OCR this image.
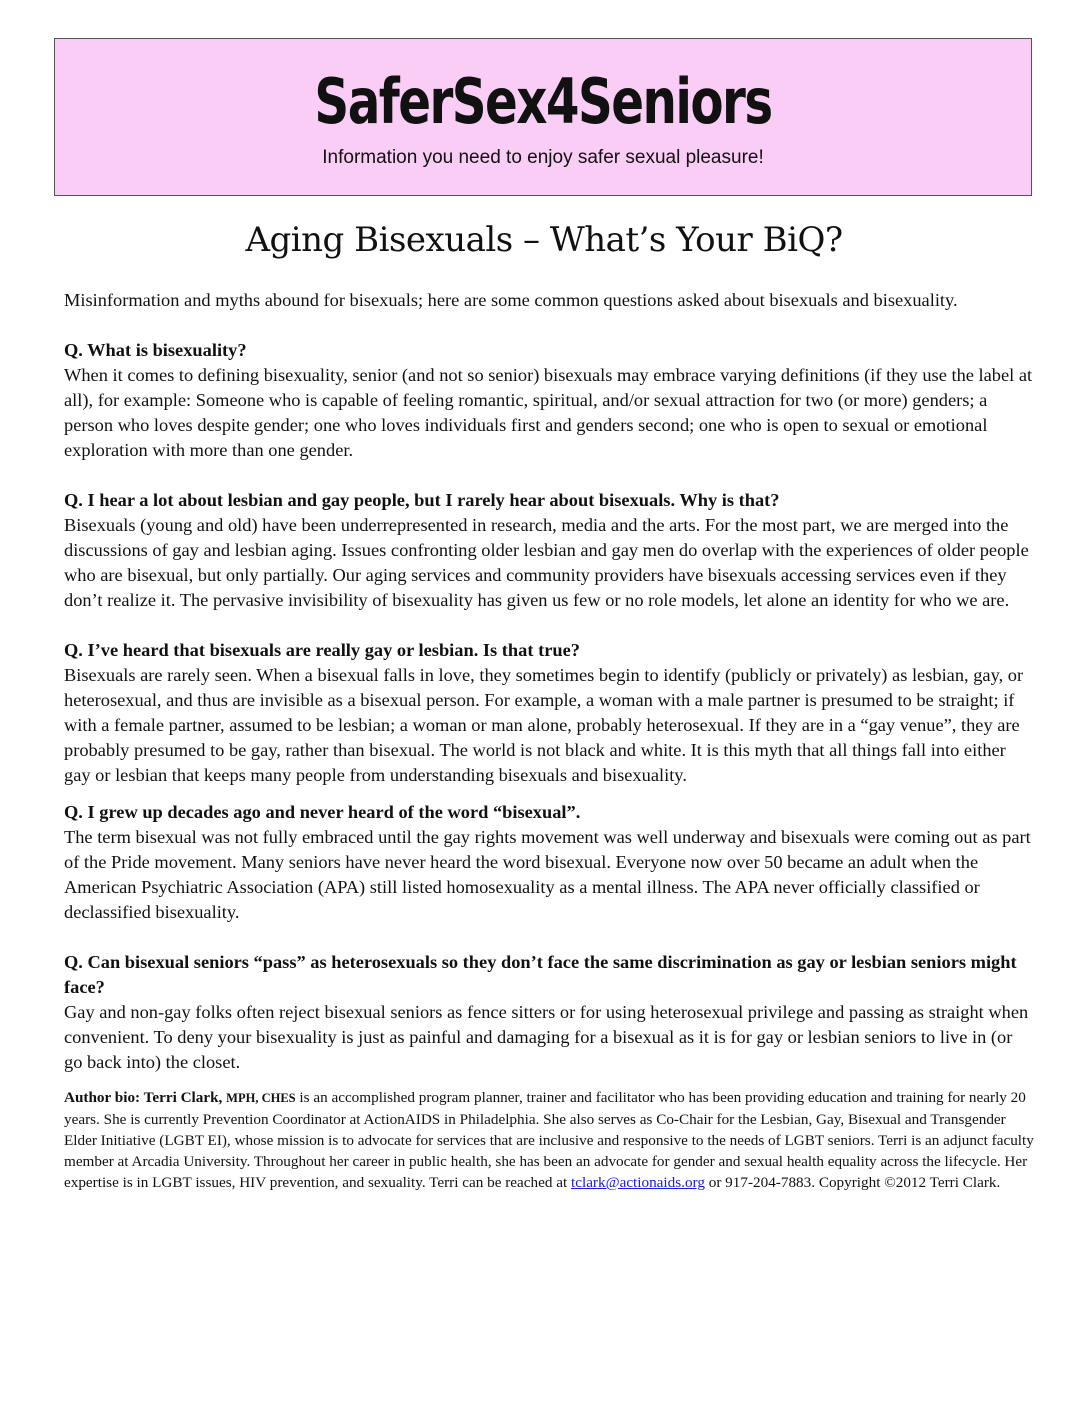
SaferSex4Seniors
Information you need to enjoy safer sexual pleasure!
Aging Bisexuals – What’s Your BiQ?

Misinformation and myths abound for bisexuals; here are some common questions asked about bisexuals and bisexuality.

Q. What is bisexuality?

When it comes to defining bisexuality, senior (and not so senior) bisexuals may embrace varying definitions (if they use the label at all), for example: Someone who is capable of feeling romantic, spiritual, and/or sexual attraction for two (or more) genders; a person who loves despite gender; one who loves individuals first and genders second; one who is open to sexual or emotional exploration with more than one gender.

Q. I hear a lot about lesbian and gay people, but I rarely hear about bisexuals. Why is that?

Bisexuals (young and old) have been underrepresented in research, media and the arts. For the most part, we are merged into the discussions of gay and lesbian aging. Issues confronting older lesbian and gay men do overlap with the experiences of older people who are bisexual, but only partially. Our aging services and community providers have bisexuals accessing services even if they don’t realize it. The pervasive invisibility of bisexuality has given us few or no role models, let alone an identity for who we are.

Q. I’ve heard that bisexuals are really gay or lesbian. Is that true?

Bisexuals are rarely seen. When a bisexual falls in love, they sometimes begin to identify (publicly or privately) as lesbian, gay, or heterosexual, and thus are invisible as a bisexual person. For example, a woman with a male partner is presumed to be straight; if with a female partner, assumed to be lesbian; a woman or man alone, probably heterosexual. If they are in a “gay venue”, they are probably presumed to be gay, rather than bisexual. The world is not black and white. It is this myth that all things fall into either gay or lesbian that keeps many people from understanding bisexuals and bisexuality.

Q. I grew up decades ago and never heard of the word “bisexual”.

The term bisexual was not fully embraced until the gay rights movement was well underway and bisexuals were coming out as part of the Pride movement. Many seniors have never heard the word bisexual. Everyone now over 50 became an adult when the American Psychiatric Association (APA) still listed homosexuality as a mental illness. The APA never officially classified or declassified bisexuality.

Q. Can bisexual seniors “pass” as heterosexuals so they don’t face the same discrimination as gay or lesbian seniors might face?

Gay and non-gay folks often reject bisexual seniors as fence sitters or for using heterosexual privilege and passing as straight when convenient. To deny your bisexuality is just as painful and damaging for a bisexual as it is for gay or lesbian seniors to live in (or go back into) the closet.

Author bio: Terri Clark, MPH, CHES is an accomplished program planner, trainer and facilitator who has been providing education and training for nearly 20 years. She is currently Prevention Coordinator at ActionAIDS in Philadelphia. She also serves as Co-Chair for the Lesbian, Gay, Bisexual and Transgender Elder Initiative (LGBT EI), whose mission is to advocate for services that are inclusive and responsive to the needs of LGBT seniors. Terri is an adjunct faculty member at Arcadia University. Throughout her career in public health, she has been an advocate for gender and sexual health equality across the lifecycle. Her expertise is in LGBT issues, HIV prevention, and sexuality. Terri can be reached at tclark@actionaids.org or 917-204-7883. Copyright ©2012 Terri Clark.
